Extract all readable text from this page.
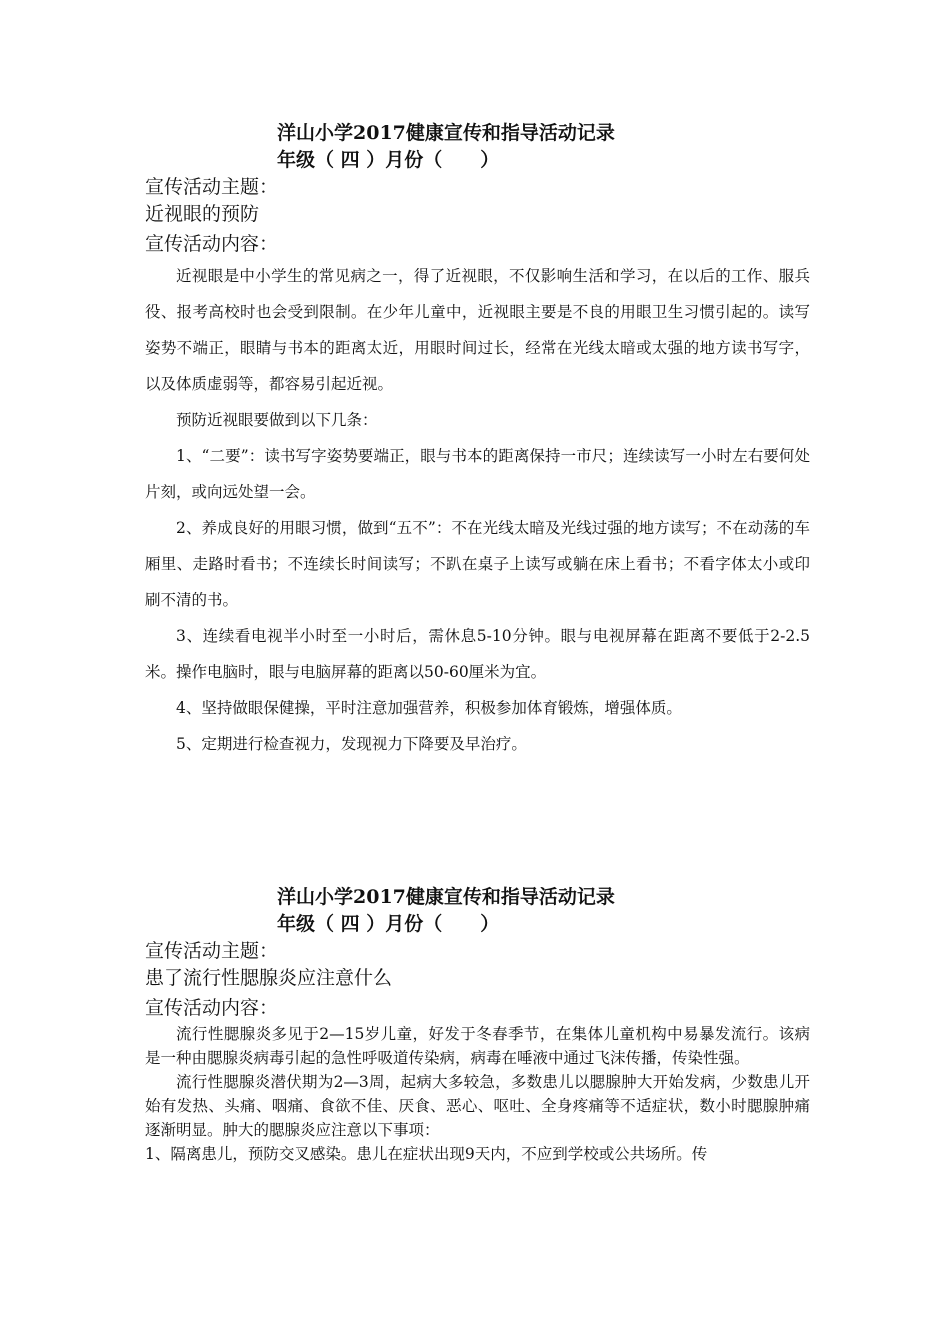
洋山小学2017健康宣传和指导活动记录
年级（ 四 ）月份（　　）
宣传活动主题：
近视眼的预防
宣传活动内容：

近视眼是中小学生的常见病之一，得了近视眼，不仅影响生活和学习，在以后的工作、服兵役、报考高校时也会受到限制。在少年儿童中，近视眼主要是不良的用眼卫生习惯引起的。读写姿势不端正，眼睛与书本的距离太近，用眼时间过长，经常在光线太暗或太强的地方读书写字，以及体质虚弱等，都容易引起近视。

预防近视眼要做到以下几条：

1、“二要”：读书写字姿势要端正，眼与书本的距离保持一市尺；连续读写一小时左右要何处片刻，或向远处望一会。

2、养成良好的用眼习惯，做到“五不”：不在光线太暗及光线过强的地方读写；不在动荡的车厢里、走路时看书；不连续长时间读写；不趴在桌子上读写或躺在床上看书；不看字体太小或印刷不清的书。

3、连续看电视半小时至一小时后，需休息5-10分钟。眼与电视屏幕在距离不要低于2-2.5米。操作电脑时，眼与电脑屏幕的距离以50-60厘米为宜。

4、坚持做眼保健操，平时注意加强营养，积极参加体育锻炼，增强体质。

5、定期进行检查视力，发现视力下降要及早治疗。

洋山小学2017健康宣传和指导活动记录
年级（ 四 ）月份（　　）
宣传活动主题：
患了流行性腮腺炎应注意什么
宣传活动内容：

流行性腮腺炎多见于2—15岁儿童，好发于冬春季节，在集体儿童机构中易暴发流行。该病是一种由腮腺炎病毒引起的急性呼吸道传染病，病毒在唾液中通过飞沫传播，传染性强。

流行性腮腺炎潜伏期为2—3周，起病大多较急，多数患儿以腮腺肿大开始发病，少数患儿开始有发热、头痛、咽痛、食欲不佳、厌食、恶心、呕吐、全身疼痛等不适症状，数小时腮腺肿痛逐渐明显。肿大的腮腺炎应注意以下事项：

1、隔离患儿，预防交叉感染。患儿在症状出现9天内，不应到学校或公共场所。传
